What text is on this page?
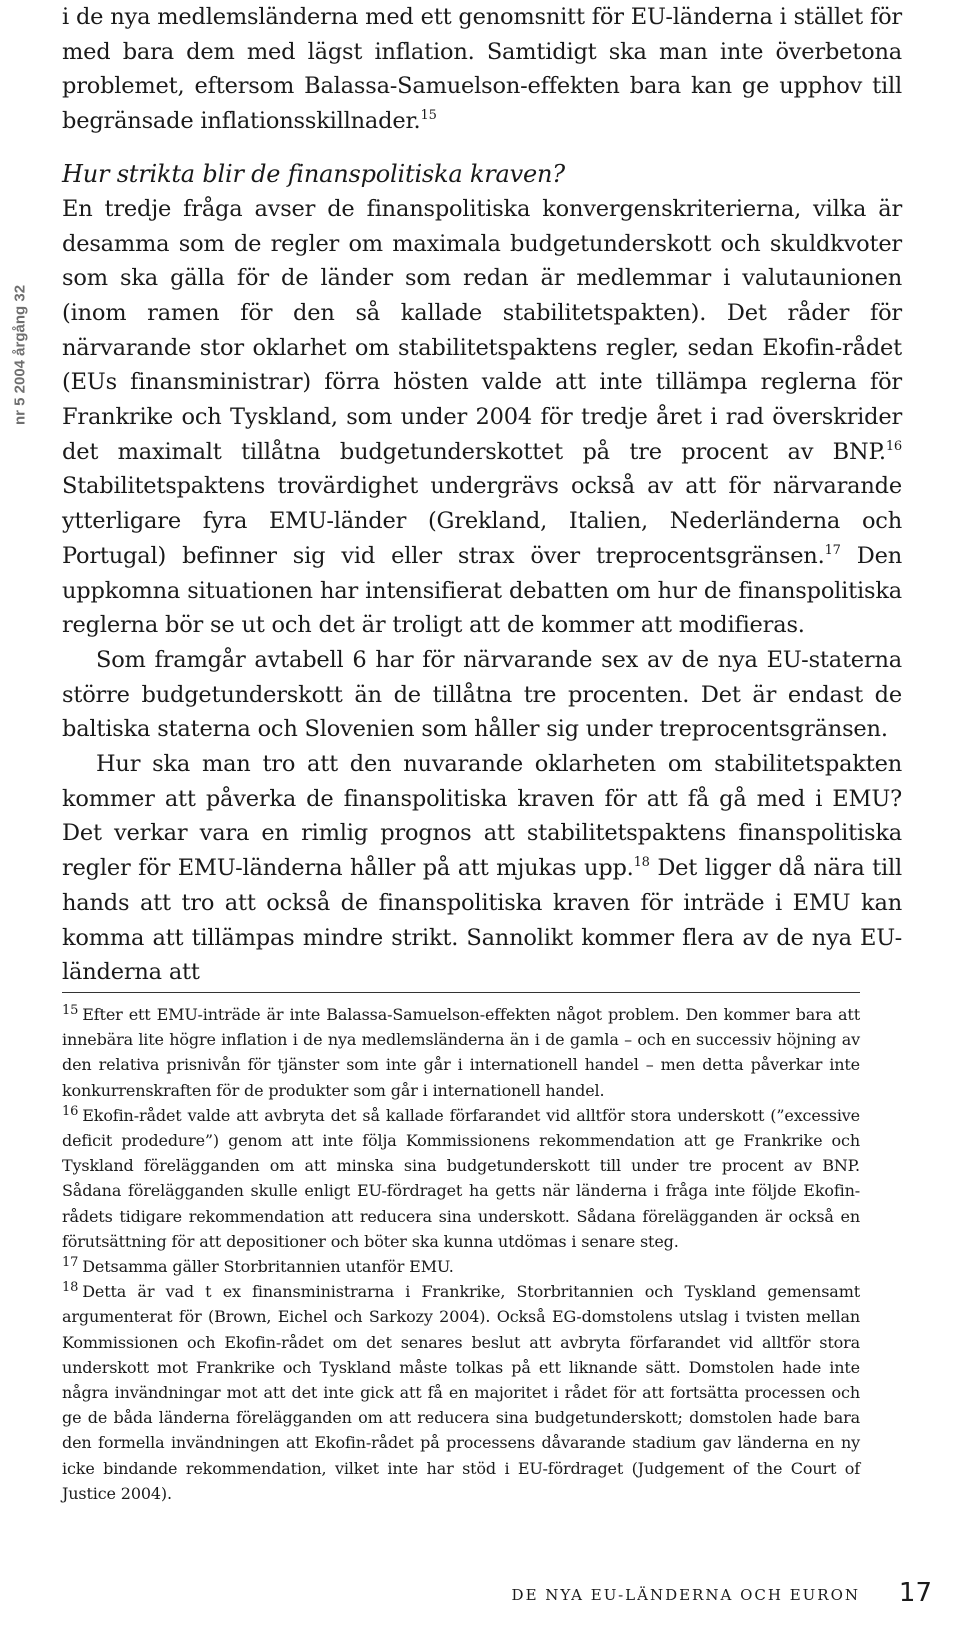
nr 5 2004 årgång 32

i de nya medlemsländerna med ett genomsnitt för EU-länderna i stället för med bara dem med lägst inflation. Samtidigt ska man inte överbetona problemet, eftersom Balassa-Samuelson-effekten bara kan ge upphov till begränsade inflationsskillnader.$^{15}$

Hur strikta blir de finanspolitiska kraven?

En tredje fråga avser de finanspolitiska konvergenskriterierna, vilka är desamma som de regler om maximala budgetunderskott och skuldkvoter som ska gälla för de länder som redan är medlemmar i valutaunionen (inom ramen för den så kallade stabilitetspakten). Det råder för närvarande stor oklarhet om stabilitetspaktens regler, sedan Ekofin-rådet (EUs finansministrar) förra hösten valde att inte tillämpa reglerna för Frankrike och Tyskland, som under 2004 för tredje året i rad överskrider det maximalt tillåtna budgetunderskottet på tre procent av BNP.$^{16}$ Stabilitetspaktens trovärdighet undergrävs också av att för närvarande ytterligare fyra EMU-länder (Grekland, Italien, Nederländerna och Portugal) befinner sig vid eller strax över treprocentsgränsen.$^{17}$ Den uppkomna situationen har intensifierat debatten om hur de finanspolitiska reglerna bör se ut och det är troligt att de kommer att modifieras.

Som framgår avtabell 6 har för närvarande sex av de nya EU-staterna större budgetunderskott än de tillåtna tre procenten. Det är endast de baltiska staterna och Slovenien som håller sig under treprocentsgränsen.

Hur ska man tro att den nuvarande oklarheten om stabilitetspakten kommer att påverka de finanspolitiska kraven för att få gå med i EMU? Det verkar vara en rimlig prognos att stabilitetspaktens finanspolitiska regler för EMU-länderna håller på att mjukas upp.$^{18}$ Det ligger då nära till hands att tro att också de finanspolitiska kraven för inträde i EMU kan komma att tillämpas mindre strikt. Sannolikt kommer flera av de nya EU-länderna att

$^{15}$ Efter ett EMU-inträde är inte Balassa-Samuelson-effekten något problem. Den kommer bara att innebära lite högre inflation i de nya medlemsländerna än i de gamla – och en successiv höjning av den relativa prisnivån för tjänster som inte går i internationell handel – men detta påverkar inte konkurrenskraften för de produkter som går i internationell handel.

$^{16}$ Ekofin-rådet valde att avbryta det så kallade förfarandet vid alltför stora underskott (”excessive deficit prodedure”) genom att inte följa Kommissionens rekommendation att ge Frankrike och Tyskland förelägganden om att minska sina budgetunderskott till under tre procent av BNP. Sådana förelägganden skulle enligt EU-fördraget ha getts när länderna i fråga inte följde Ekofin-rådets tidigare rekommendation att reducera sina underskott. Sådana förelägganden är också en förutsättning för att depositioner och böter ska kunna utdömas i senare steg.

$^{17}$ Detsamma gäller Storbritannien utanför EMU.

$^{18}$ Detta är vad t ex finansministrarna i Frankrike, Storbritannien och Tyskland gemensamt argumenterat för (Brown, Eichel och Sarkozy 2004). Också EG-domstolens utslag i tvisten mellan Kommissionen och Ekofin-rådet om det senares beslut att avbryta förfarandet vid alltför stora underskott mot Frankrike och Tyskland måste tolkas på ett liknande sätt. Domstolen hade inte några invändningar mot att det inte gick att få en majoritet i rådet för att fortsätta processen och ge de båda länderna förelägganden om att reducera sina budgetunderskott; domstolen hade bara den formella invändningen att Ekofin-rådet på processens dåvarande stadium gav länderna en ny icke bindande rekommendation, vilket inte har stöd i EU-fördraget (Judgement of the Court of Justice 2004).

DE NYA EU-LÄNDERNA OCH EURON 17
